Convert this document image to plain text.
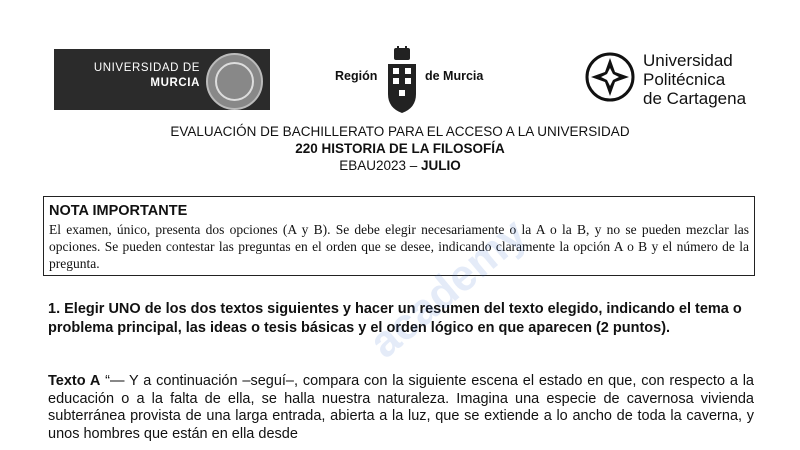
UNIVERSIDAD DE
MURCIA	Región	de Murcia
Universidad
Politécnica
de Cartagena
EVALUACIÓN DE BACHILLERATO PARA EL ACCESO A LA UNIVERSIDAD
220 HISTORIA DE LA FILOSOFÍA
EBAU2023 – JULIO
NOTA IMPORTANTE
El examen, único, presenta dos opciones (A y B). Se debe elegir necesariamente o la A o la B, y no se pueden mezclar las opciones. Se pueden contestar las preguntas en el orden que se desee, indicando claramente la opción A o B y el número de la pregunta.
1. Elegir UNO de los dos textos siguientes y hacer un resumen del texto elegido, indicando el tema o problema principal, las ideas o tesis básicas y el orden lógico en que aparecen (2 puntos).
Texto A “— Y a continuación –seguí–, compara con la siguiente escena el estado en que, con respecto a la educación o a la falta de ella, se halla nuestra naturaleza. Imagina una especie de cavernosa vivienda subterránea provista de una larga entrada, abierta a la luz, que se extiende a lo ancho de toda la caverna, y unos hombres que están en ella desde
academy
